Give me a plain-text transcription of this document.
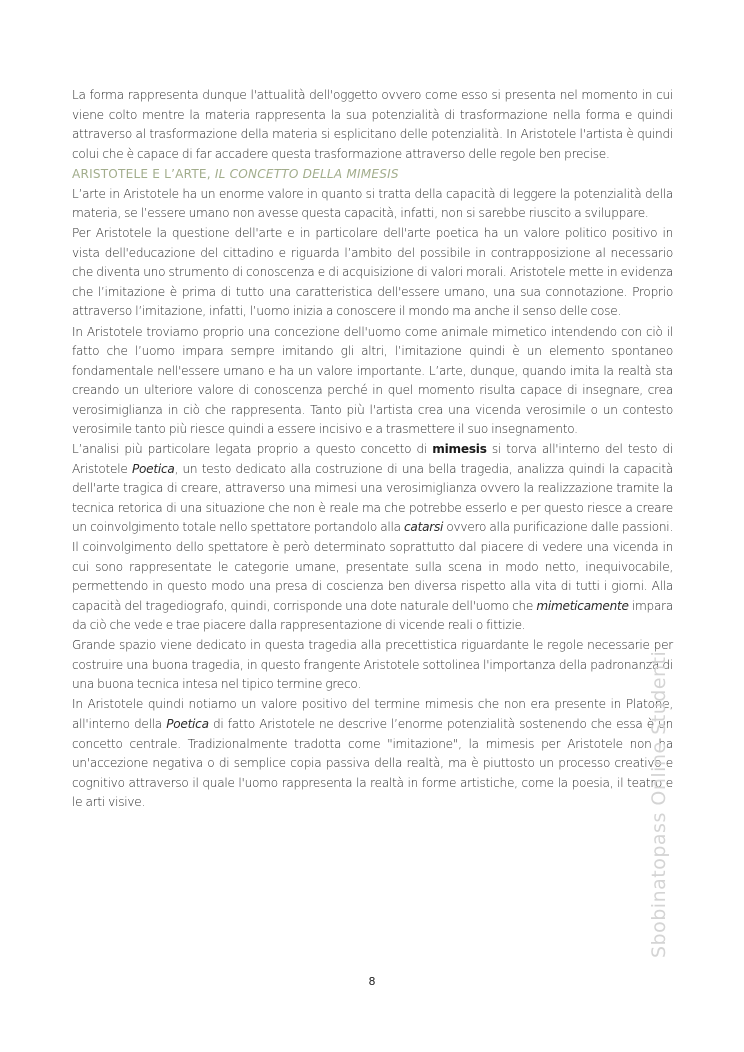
La forma rappresenta dunque l'attualità dell'oggetto ovvero come esso si presenta nel momento in cui viene colto mentre la materia rappresenta la sua potenzialità di trasformazione nella forma e quindi attraverso al trasformazione della materia si esplicitano delle potenzialità. In Aristotele l'artista è quindi colui che è capace di far accadere questa trasformazione attraverso delle regole ben precise.

ARISTOTELE E L’ARTE, IL CONCETTO DELLA MIMESIS

L’arte in Aristotele ha un enorme valore in quanto si tratta della capacità di leggere la potenzialità della materia, se l’essere umano non avesse questa capacità, infatti, non si sarebbe riuscito a sviluppare.

Per Aristotele la questione dell'arte e in particolare dell'arte poetica ha un valore politico positivo in vista dell'educazione del cittadino e riguarda l’ambito del possibile in contrapposizione al necessario che diventa uno strumento di conoscenza e di acquisizione di valori morali. Aristotele mette in evidenza che l’imitazione è prima di tutto una caratteristica dell'essere umano, una sua connotazione. Proprio attraverso l’imitazione, infatti, l’uomo inizia a conoscere il mondo ma anche il senso delle cose.

In Aristotele troviamo proprio una concezione dell'uomo come animale mimetico intendendo con ciò il fatto che l’uomo impara sempre imitando gli altri, l’imitazione quindi è un elemento spontaneo fondamentale nell'essere umano e ha un valore importante. L’arte, dunque, quando imita la realtà sta creando un ulteriore valore di conoscenza perché in quel momento risulta capace di insegnare, crea verosimiglianza in ciò che rappresenta. Tanto più l'artista crea una vicenda verosimile o un contesto verosimile tanto più riesce quindi a essere incisivo e a trasmettere il suo insegnamento.

L’analisi più particolare legata proprio a questo concetto di mimesis si torva all'interno del testo di Aristotele Poetica, un testo dedicato alla costruzione di una bella tragedia, analizza quindi la capacità dell'arte tragica di creare, attraverso una mimesi una verosimiglianza ovvero la realizzazione tramite la tecnica retorica di una situazione che non è reale ma che potrebbe esserlo e per questo riesce a creare un coinvolgimento totale nello spettatore portandolo alla catarsi ovvero alla purificazione dalle passioni. Il coinvolgimento dello spettatore è però determinato soprattutto dal piacere di vedere una vicenda in cui sono rappresentate le categorie umane, presentate sulla scena in modo netto, inequivocabile, permettendo in questo modo una presa di coscienza ben diversa rispetto alla vita di tutti i giorni. Alla capacità del tragediografo, quindi, corrisponde una dote naturale dell'uomo che mimeticamente impara da ciò che vede e trae piacere dalla rappresentazione di vicende reali o fittizie.

Grande spazio viene dedicato in questa tragedia alla precettistica riguardante le regole necessarie per costruire una buona tragedia, in questo frangente Aristotele sottolinea l'importanza della padronanza di una buona tecnica intesa nel tipico termine greco.

In Aristotele quindi notiamo un valore positivo del termine mimesis che non era presente in Platone, all'interno della Poetica di fatto Aristotele ne descrive l’enorme potenzialità sostenendo che essa è un concetto centrale. Tradizionalmente tradotta come "imitazione", la mimesis per Aristotele non ha un'accezione negativa o di semplice copia passiva della realtà, ma è piuttosto un processo creativo e cognitivo attraverso il quale l'uomo rappresenta la realtà in forme artistiche, come la poesia, il teatro e le arti visive.	Sbobinatopass Online Studenti
8
